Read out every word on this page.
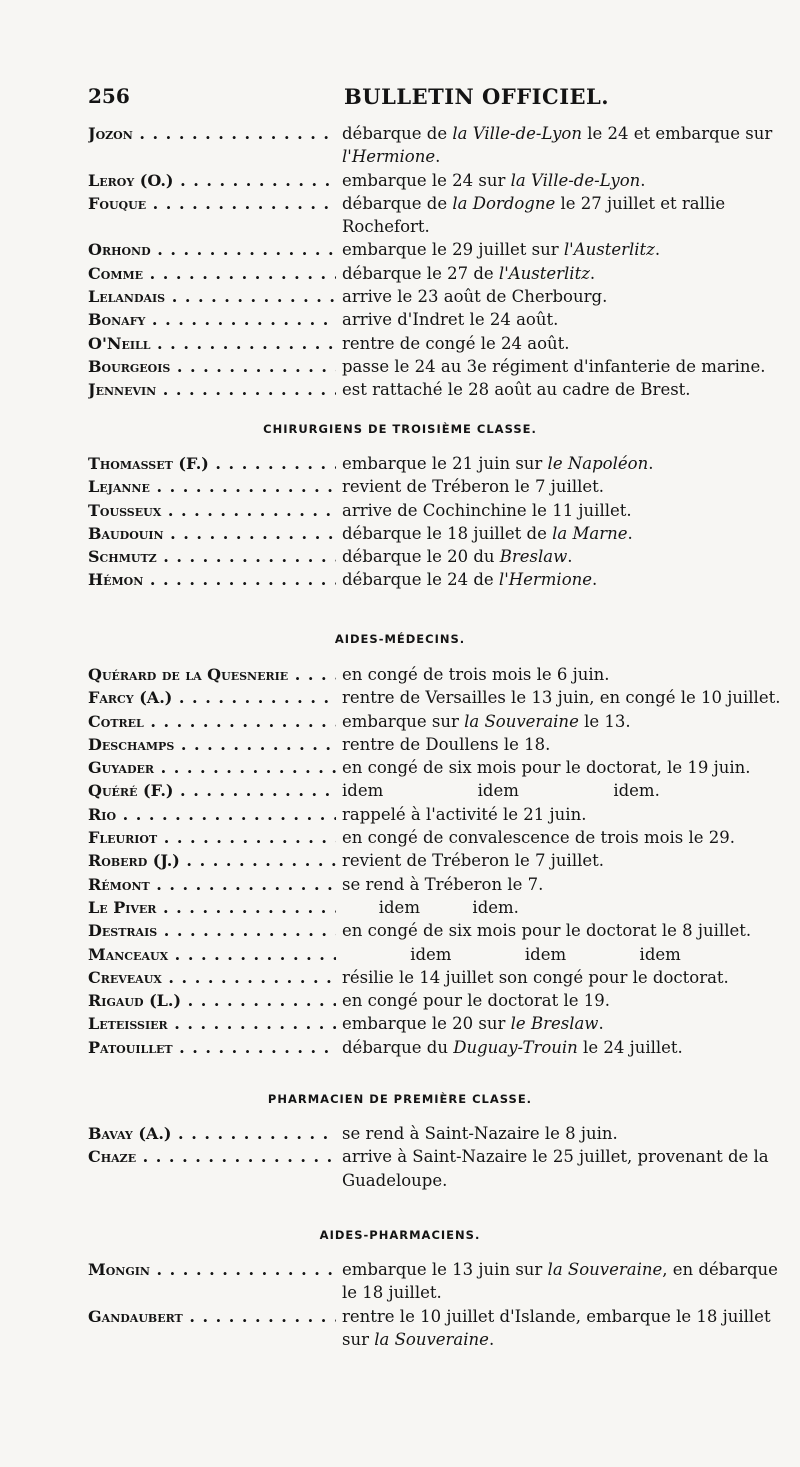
256	BULLETIN OFFICIEL.
Jozon . . .	débarque de la Ville-de-Lyon le 24 et embarque sur l'Hermione.
Leroy (O.) . . .	embarque le 24 sur la Ville-de-Lyon.
Fouque . . .	débarque de la Dordogne le 27 juillet et rallie Rochefort.
Orhond . . .	embarque le 29 juillet sur l'Austerlitz.
Comme . . .	débarque le 27 de l'Austerlitz.
Lelandais . . .	arrive le 23 août de Cherbourg.
Bonafy . . .	arrive d'Indret le 24 août.
O'Neill . . .	rentre de congé le 24 août.
Bourgeois . . .	passe le 24 au 3e régiment d'infanterie de marine.
Jennevin . . .	est rattaché le 28 août au cadre de Brest.
CHIRURGIENS DE TROISIÈME CLASSE.
Thomasset (F.) . . .	embarque le 21 juin sur le Napoléon.
Lejanne . . .	revient de Tréberon le 7 juillet.
Tousseux . . .	arrive de Cochinchine le 11 juillet.
Baudouin . . .	débarque le 18 juillet de la Marne.
Schmutz . . .	débarque le 20 du Breslaw.
Hémon . . .	débarque le 24 de l'Hermione.
AIDES-MÉDECINS.
Quérard de la Quesnerie . . .	en congé de trois mois le 6 juin.
Farcy (A.) . . .	rentre de Versailles le 13 juin, en congé le 10 juillet.
Cotrel . . .	embarque sur la Souveraine le 13.
Deschamps . . .	rentre de Doullens le 18.
Guyader . . .	en congé de six mois pour le doctorat, le 19 juin.
Quéré (F.) . . .	idem                  idem                  idem.
Rio . . .	rappelé à l'activité le 21 juin.
Fleuriot . . .	en congé de convalescence de trois mois le 29.
Roberd (J.) . . .	revient de Tréberon le 7 juillet.
Rémont . . .	se rend à Tréberon le 7.
Le Piver . . .	idem          idem.
Destrais . . .	en congé de six mois pour le doctorat le 8 juillet.
Manceaux . . .	idem              idem              idem
Creveaux . . .	résilie le 14 juillet son congé pour le doctorat.
Rigaud (L.) . . .	en congé pour le doctorat le 19.
Leteissier . . .	embarque le 20 sur le Breslaw.
Patouillet . . .	débarque du Duguay-Trouin le 24 juillet.
PHARMACIEN DE PREMIÈRE CLASSE.
Bavay (A.) . . .	se rend à Saint-Nazaire le 8 juin.
Chaze . . .	arrive à Saint-Nazaire le 25 juillet, provenant de la Guadeloupe.
AIDES-PHARMACIENS.
Mongin . . .	embarque le 13 juin sur la Souveraine, en débarque le 18 juillet.
Gandaubert . . .	rentre le 10 juillet d'Islande, embarque le 18 juillet sur la Souveraine.
